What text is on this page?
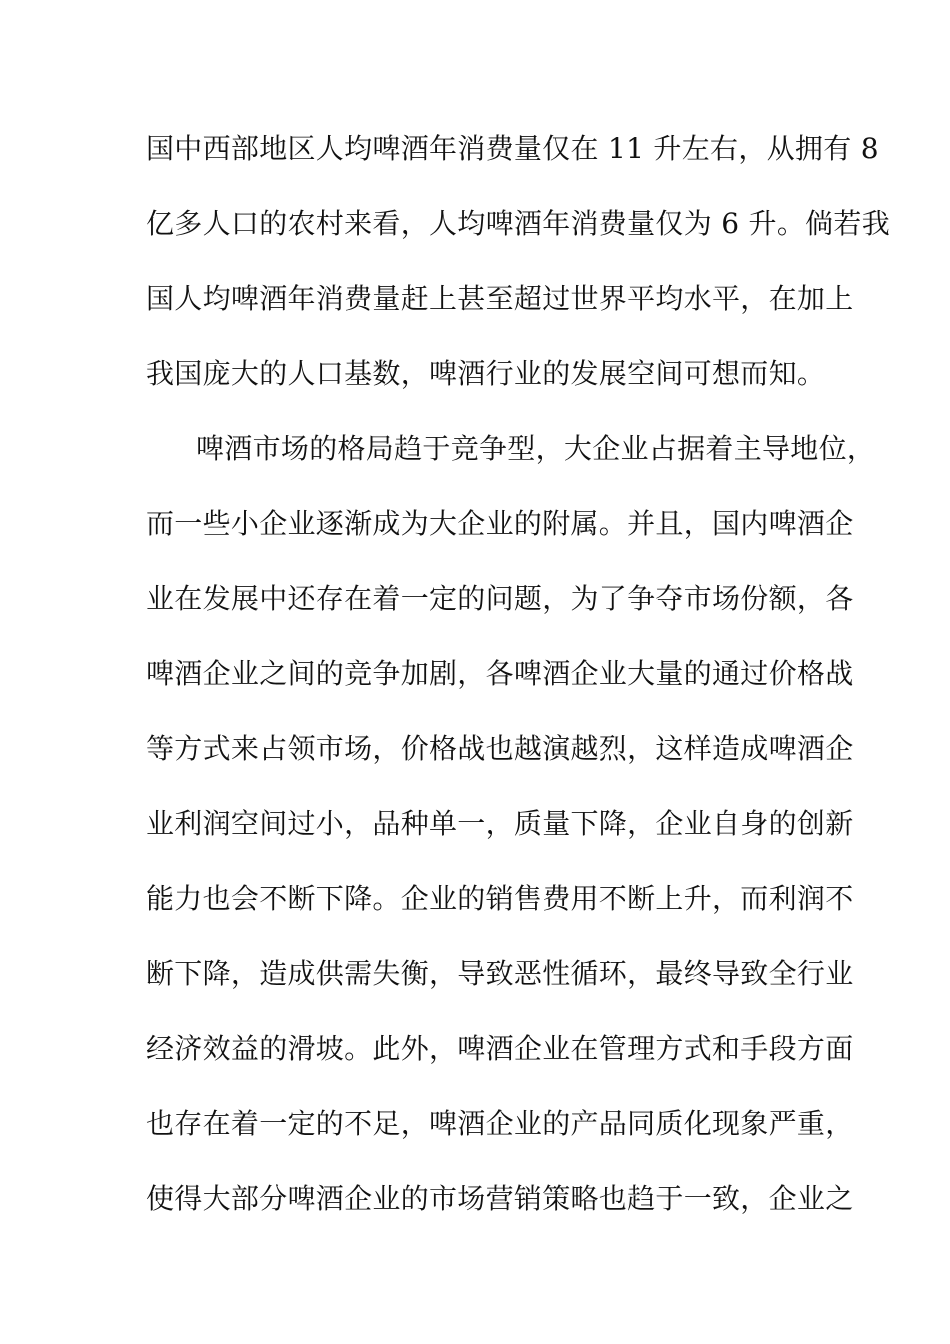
国中西部地区人均啤酒年消费量仅在 11 升左右，从拥有 8
亿多人口的农村来看，人均啤酒年消费量仅为 6 升。倘若我
国人均啤酒年消费量赶上甚至超过世界平均水平，在加上
我国庞大的人口基数，啤酒行业的发展空间可想而知。
啤酒市场的格局趋于竞争型，大企业占据着主导地位，
而一些小企业逐渐成为大企业的附属。并且，国内啤酒企
业在发展中还存在着一定的问题，为了争夺市场份额，各
啤酒企业之间的竞争加剧，各啤酒企业大量的通过价格战
等方式来占领市场，价格战也越演越烈，这样造成啤酒企
业利润空间过小，品种单一，质量下降，企业自身的创新
能力也会不断下降。企业的销售费用不断上升，而利润不
断下降，造成供需失衡，导致恶性循环，最终导致全行业
经济效益的滑坡。此外，啤酒企业在管理方式和手段方面
也存在着一定的不足，啤酒企业的产品同质化现象严重，
使得大部分啤酒企业的市场营销策略也趋于一致，企业之
